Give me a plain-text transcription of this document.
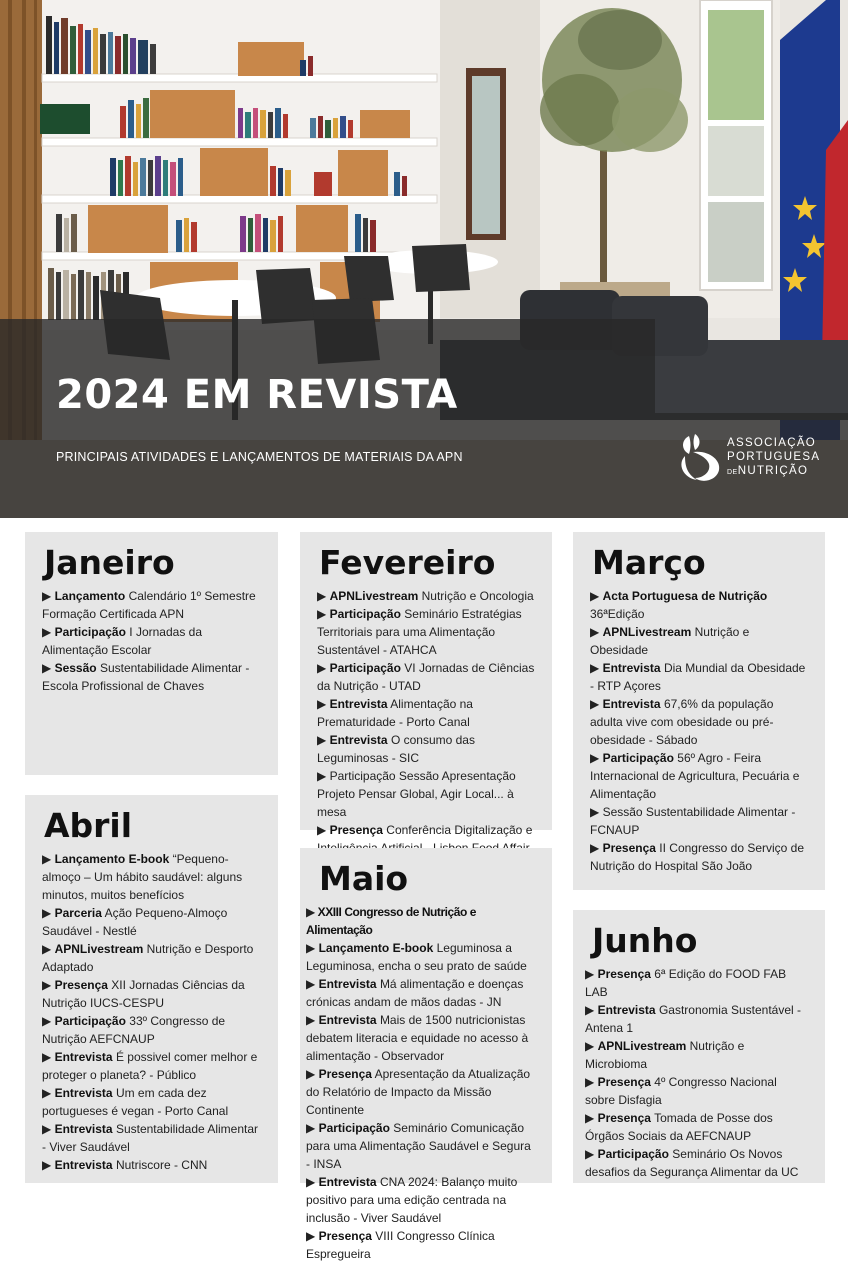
2024 EM REVISTA

PRINCIPAIS ATIVIDADES E LANÇAMENTOS DE MATERIAIS DA APN

ASSOCIAÇÃO
PORTUGUESA
DENUTRIÇÃO
Janeiro
▶ Lançamento Calendário 1º Semestre Formação Certificada APN
▶ Participação I Jornadas da Alimentação Escolar
▶ Sessão Sustentabilidade Alimentar - Escola Profissional de Chaves
Abril
▶ Lançamento E-book “Pequeno-almoço – Um hábito saudável: alguns minutos, muitos benefícios
▶ Parceria Ação Pequeno-Almoço Saudável - Nestlé
▶ APNLivestream Nutrição e Desporto Adaptado
▶ Presença XII Jornadas Ciências da Nutrição IUCS-CESPU
▶ Participação 33º Congresso de Nutrição AEFCNAUP
▶ Entrevista É possivel comer melhor e proteger o planeta? - Público
▶ Entrevista Um em cada dez portugueses é vegan - Porto Canal
▶ Entrevista Sustentabilidade Alimentar - Viver Saudável
▶ Entrevista Nutriscore - CNN
Fevereiro
▶ APNLivestream Nutrição e Oncologia
▶ Participação Seminário Estratégias Territoriais para uma Alimentação Sustentável - ATAHCA
▶ Participação VI Jornadas de Ciências da Nutrição - UTAD
▶ Entrevista Alimentação na Prematuridade - Porto Canal
▶ Entrevista O consumo das Leguminosas - SIC
▶ Participação Sessão Apresentação Projeto Pensar Global, Agir Local... à mesa
▶ Presença Conferência Digitalização e
Maio
▶ XXIII Congresso de Nutrição e Alimentação
▶ Lançamento E-book Leguminosa a Leguminosa, encha o seu prato de saúde
▶ Entrevista Má alimentação e doenças crónicas andam de mãos dadas - JN
▶ Entrevista Mais de 1500 nutricionistas debatem literacia e equidade no acesso à alimentação - Observador
▶ Presença Apresentação da Atualização do Relatório de Impacto da Missão Continente
▶ Participação Seminário Comunicação para uma Alimentação Saudável e Segura - INSA
▶ Entrevista CNA 2024: Balanço muito positivo para uma edição centrada na inclusão - Viver Saudável
▶ Presença VIII Congresso Clínica Espregueira
Março
▶ Acta Portuguesa de Nutrição 36ªEdição
▶ APNLivestream Nutrição e Obesidade
▶ Entrevista Dia Mundial da Obesidade - RTP Açores
▶ Entrevista 67,6% da população adulta vive com obesidade ou pré-obesidade - Sábado
▶ Participação 56º Agro - Feira Internacional de Agricultura, Pecuária e Alimentação
▶ Sessão Sustentabilidade Alimentar - FCNAUP
▶ Presença II Congresso do Serviço de Nutrição do Hospital São João
Junho
▶ Presença 6ª Edição do FOOD FAB LAB
▶ Entrevista Gastronomia Sustentável - Antena 1
▶ APNLivestream Nutrição e Microbioma
▶ Presença 4º Congresso Nacional sobre Disfagia
▶ Presença Tomada de Posse dos Órgãos Sociais da AEFCNAUP
▶ Participação Seminário Os Novos desafios da Segurança Alimentar da UC
